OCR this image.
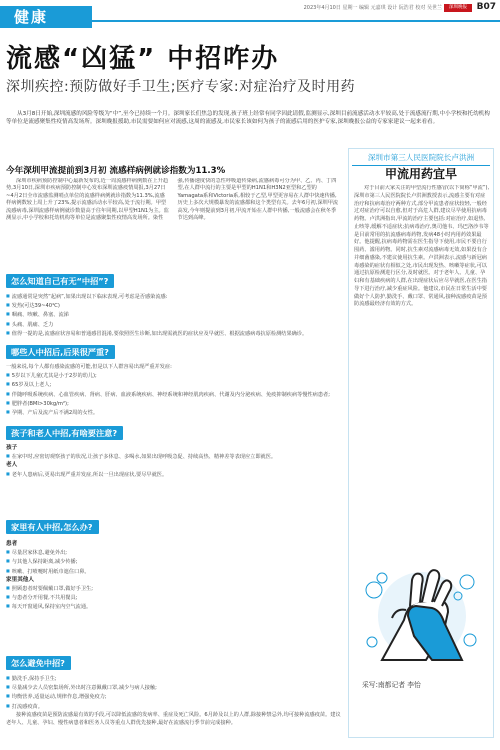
健康	2023年4月10日 星期一 编辑 元嘉琪 设计 阮浩君 校对 吴世兰	深圳晚报	B07
流感“凶猛” 中招咋办
深圳疾控:预防做好手卫生;医疗专家:对症治疗及时用药
从3月8日开始,深圳流感的风险等级为“中”,至今已持续一个月。深圳家长们焦急的发现,孩子班上经常有同学因此请假,监测显示,深圳目前流感活动水平较高,处于流感流行期,中小学校和托幼机构等单位是流感聚集性疫情高发场所。深圳晚报援助,市民需要如何应对流感,这周的流感及,市民家长该如何为孩子的流感后用的医护专家,深圳晚报公益的专家家建议一起来看看。
今年深圳甲流提前到3月初 流感样病例就诊指数为11.3%
深圳市疾病预防控制中心最新发布的,近一周流感样病例数在上升趋势,3月10日,深圳市疾病预防控制中心发布深圳流感疫情周报,3月27日~4月2日全市流感监测哨点单位的流感样病例就诊指数为11.3%,流感样病例数较上周上升了23%,提示流感活动水平较高,处于流行期。甲型流感病毒,深圳流感样病例就诊数量高于往年同期,以甲型H1N1为主。监测显示,中小学校和托幼机构等单位是流感聚集性疫情高发场所。染性强,传播速度快的急性呼吸道传染病,流感病毒可分为甲、乙、丙、丁四型,在人群中流行的主要是甲型的H1N1和H3N2亚型和乙型的Yamagata系和Victoria系,相较于乙型,甲型更容易在人群中快速传播,历史上多次大规模暴发的流感都和这个类型有关。去年6月初,深圳甲流高发,今年则提前到3月初,甲流开始在人群中传播,一般流感会在秋冬季节达到高峰。
怎么知道自己有无“中招”?
■ 流感通常是突然“起病”,如果出现以下临床表现,可考虑是否感染流感:
■ 发热(可达39~40℃)
■ 咽痛、咳嗽、鼻塞、流涕
■ 头痛、肌痛、乏力
■ 值得一提的是,流感症状容易和普通感冒混淆,要依照医生诊断,如出现需就医的症状应及早就医、根据流感病毒抗原检测结果确诊。
哪些人中招后,后果很严重?
一般来说,每个人都有感染流感的可能,但是以下人群容易出现严重并发症:
■ 5岁以下儿童(尤其是小于2岁的幼儿);
■ 65岁及以上老人;
■ 伴随呼吸系统疾病、心血管疾病、肾病、肝病、血液系统疾病、神经系统和神经肌肉疾病、代谢及内分泌疾病、免疫抑制疾病等慢性病患者;
■ 肥胖者(BMI>30kg/m²);
■ 孕期、产后及流产后不满2周的女性。
孩子和老人中招,有啥要注意?
孩子
■ 在家中时,应密切观察孩子的状况,让孩子多休息、多喝水,如果出现呼吸急促、持续高热、精神差等表现应立即就医。
老人
■ 老年人患病后,更易出现严重并发症,所以一旦出现症状,要尽早就医。
家里有人中招,怎么办?
患者
■ 尽量居家休息,避免外出;
■ 与其他人保持距离,减少传播;
■ 咳嗽、打喷嚏时用纸巾遮住口鼻。
家里其他人
■ 照顾患者时要佩戴口罩,做好手卫生;
■ 与患者分开用餐,不共用餐具;
■ 每天开窗通风,保持室内空气流通。
怎么避免中招?
■ 勤洗手,保持手卫生;
■ 尽量减少去人员密集场所,外出时注意佩戴口罩,减少与病人接触;
■ 均衡营养,适量运动,规律作息,增强免疫力;
■ 打流感疫苗。
接种流感疫苗是预防流感最有效的手段,可以降低流感的发病率、重症及死亡风险。6月龄及以上的人群,除接种禁忌外,均可接种流感疫苗。建议老年人、儿童、孕妇、慢性病患者和医务人员等重点人群优先接种,最好在流感流行季节前完成接种。
深圳市第三人民医院院长卢洪洲
甲流用药宜早
对于目前大家关注的甲型流行性感冒(以下简称“甲流”),深圳市第三人民医院院长卢洪洲教授表示,流感主要有对症治疗和抗病毒治疗两种方式,部分甲流患者症状较轻,一般经过对症治疗可以自愈,但对于高危人群,建议尽早使用抗病毒药物。卢洪洲指出,甲流的治疗主要包括:对症治疗,如退热、止咳等,缓解不适症状;抗病毒治疗,奥司他韦、玛巴洛沙韦等是目前常用的抗流感病毒药物,发病48小时内用药效果最好。他提醒,抗病毒药物需在医生指导下使用,市民不要自行囤药、滥用药物。同时,抗生素对流感病毒无效,如果没有合并细菌感染,不建议使用抗生素。卢洪洲表示,流感与新冠病毒感染的症状有相似之处,市民出现发热、咳嗽等症状,可以通过抗原检测进行区分,及时就医。对于老年人、儿童、孕妇和有基础疾病的人群,在出现症状后应尽早就医,在医生指导下进行治疗,减少重症风险。他建议,市民在日常生活中要做好个人防护,勤洗手、戴口罩、常通风,接种流感疫苗是预防流感最经济有效的方式。
采写:南都记者 李怡
